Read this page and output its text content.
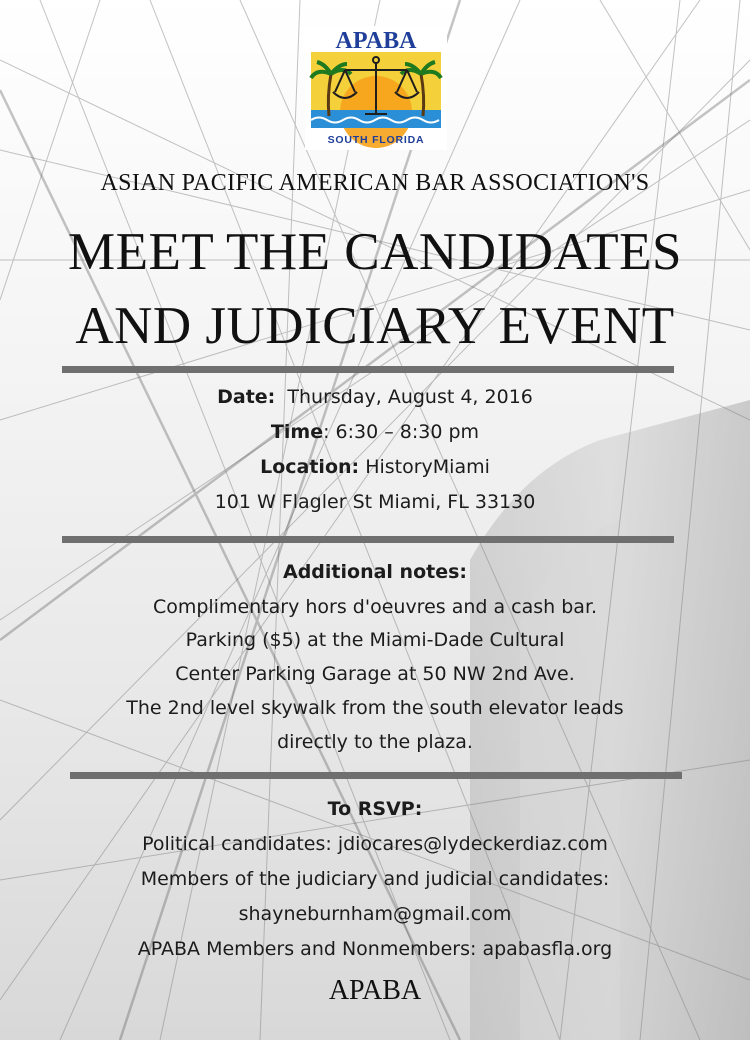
APABA
SOUTH FLORIDA
ASIAN PACIFIC AMERICAN BAR ASSOCIATION'S
MEET THE CANDIDATES
AND JUDICIARY EVENT
Date: Thursday, August 4, 2016
Time: 6:30 – 8:30 pm
Location: HistoryMiami
101 W Flagler St Miami, FL 33130
Additional notes:
Complimentary hors d'oeuvres and a cash bar.
Parking ($5) at the Miami-Dade Cultural
Center Parking Garage at 50 NW 2nd Ave.
The 2nd level skywalk from the south elevator leads
directly to the plaza.
To RSVP:
Political candidates: jdiocares@lydeckerdiaz.com
Members of the judiciary and judicial candidates:
shayneburnham@gmail.com
APABA Members and Nonmembers: apabasfla.org
APABA
